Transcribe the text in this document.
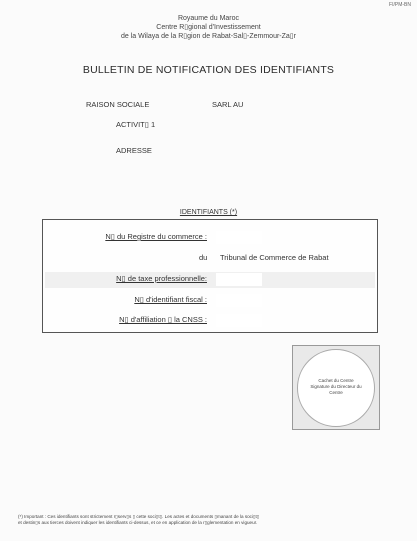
FI/PM-BN
Royaume du Maroc
Centre R▯gional d'Investissement
de la Wilaya de la R▯gion de Rabat-Sal▯-Zemmour-Za▯r
BULLETIN DE NOTIFICATION DES IDENTIFIANTS
RAISON SOCIALE	SARL AU
ACTIVIT▯ 1
ADRESSE
IDENTIFIANTS (*)
N▯ du Registre du commerce :
du Tribunal de Commerce de Rabat
N▯ de taxe professionnelle:
N▯ d'identifiant fiscal :
N▯ d'affiliation ▯ la CNSS :
Cachet du Centre
Signature du Directeur du
Centre
(*) Important : Ces identifiants sont strictement r▯serv▯s ▯ cette soci▯t▯. Les actes et documents ▯manant de la soci▯t▯
et destin▯s aux tierces doivent indiquer les identifiants ci-dessus, et ce en application de la r▯glementation en vigueur.
